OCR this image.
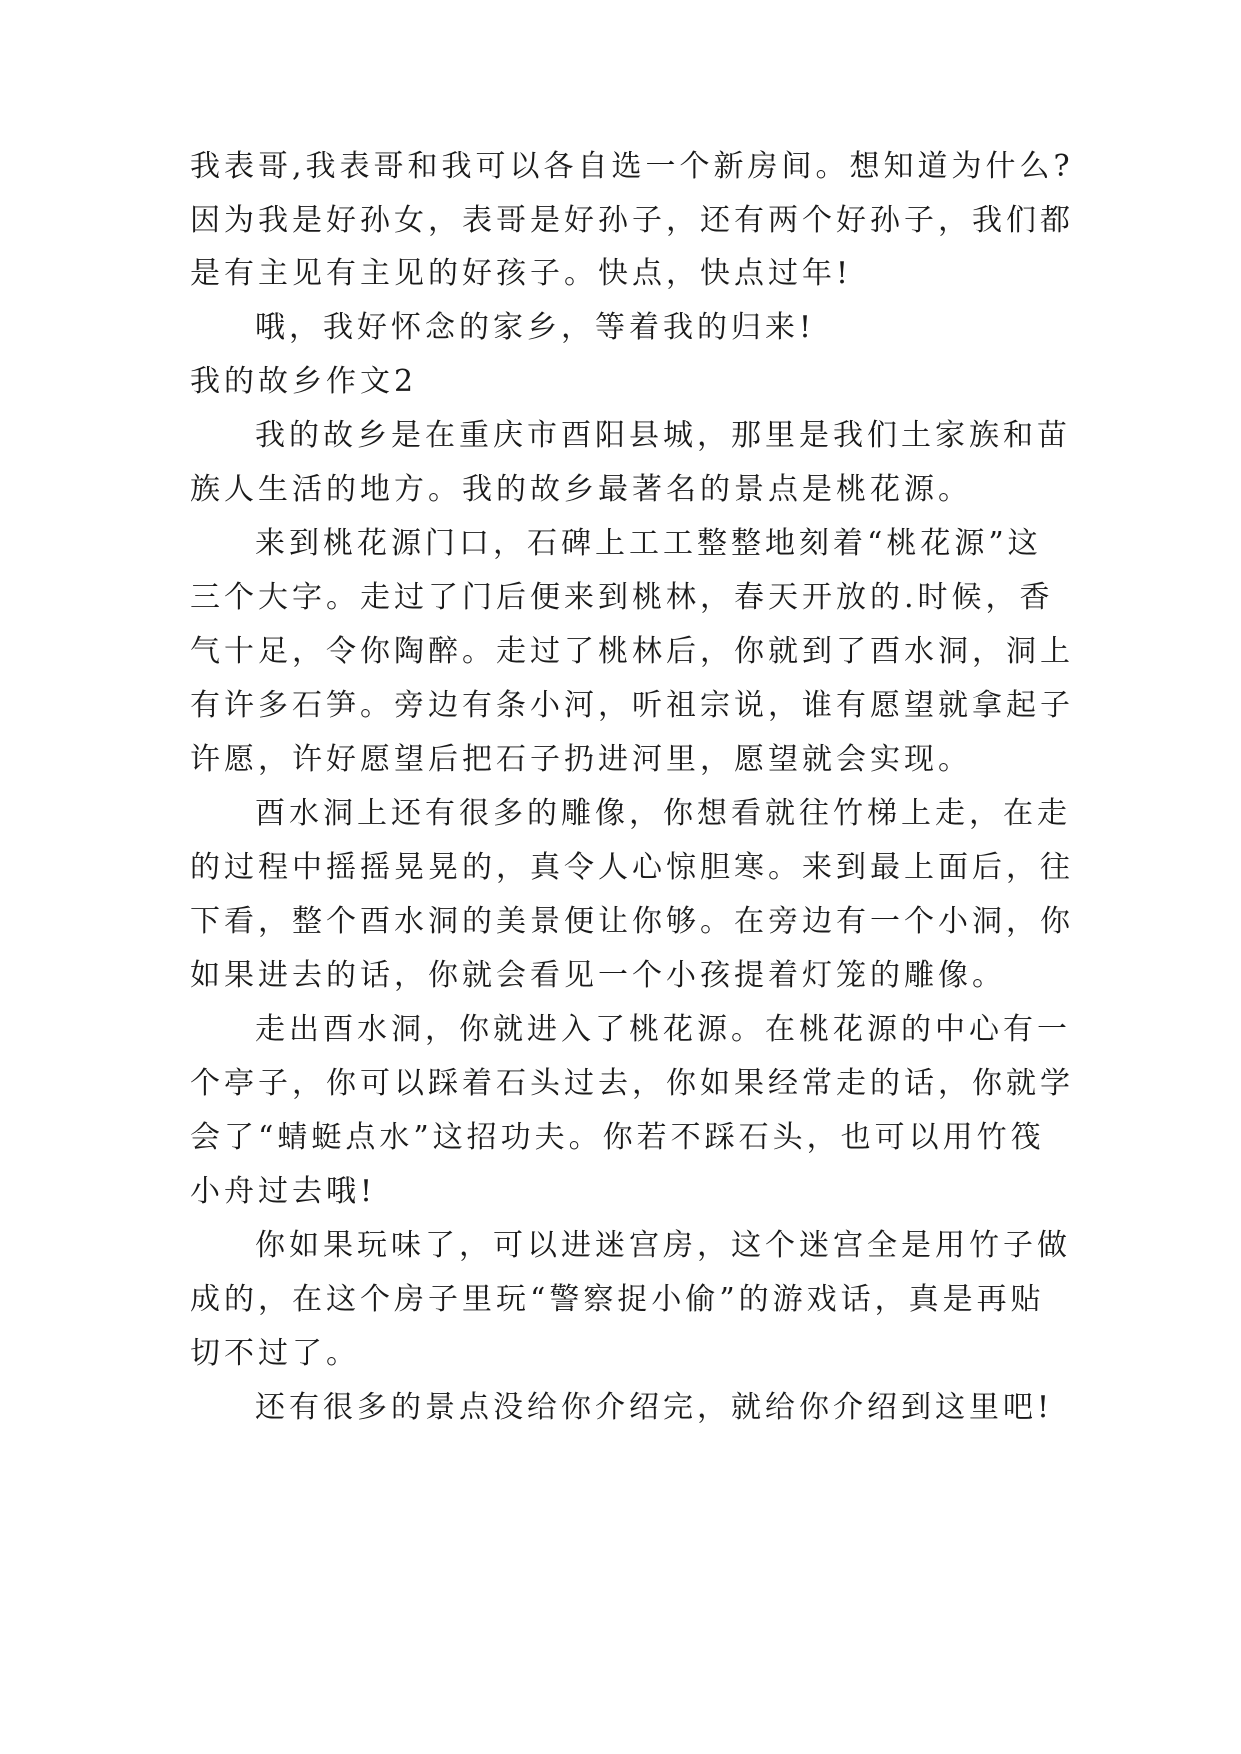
我表哥,我表哥和我可以各自选一个新房间。想知道为什么?

因为我是好孙女，表哥是好孙子，还有两个好孙子，我们都

是有主见有主见的好孩子。快点，快点过年!

哦，我好怀念的家乡，等着我的归来!

我的故乡作文2

我的故乡是在重庆市酉阳县城，那里是我们土家族和苗

族人生活的地方。我的故乡最著名的景点是桃花源。

来到桃花源门口，石碑上工工整整地刻着“桃花源”这

三个大字。走过了门后便来到桃林，春天开放的.时候，香

气十足，令你陶醉。走过了桃林后，你就到了酉水洞，洞上

有许多石笋。旁边有条小河，听祖宗说，谁有愿望就拿起子

许愿，许好愿望后把石子扔进河里，愿望就会实现。

酉水洞上还有很多的雕像，你想看就往竹梯上走，在走

的过程中摇摇晃晃的，真令人心惊胆寒。来到最上面后，往

下看，整个酉水洞的美景便让你够。在旁边有一个小洞，你

如果进去的话，你就会看见一个小孩提着灯笼的雕像。

走出酉水洞，你就进入了桃花源。在桃花源的中心有一

个亭子，你可以踩着石头过去，你如果经常走的话，你就学

会了“蜻蜓点水”这招功夫。你若不踩石头，也可以用竹筏

小舟过去哦!

你如果玩味了，可以进迷宫房，这个迷宫全是用竹子做

成的，在这个房子里玩“警察捉小偷”的游戏话，真是再贴

切不过了。

还有很多的景点没给你介绍完，就给你介绍到这里吧!
